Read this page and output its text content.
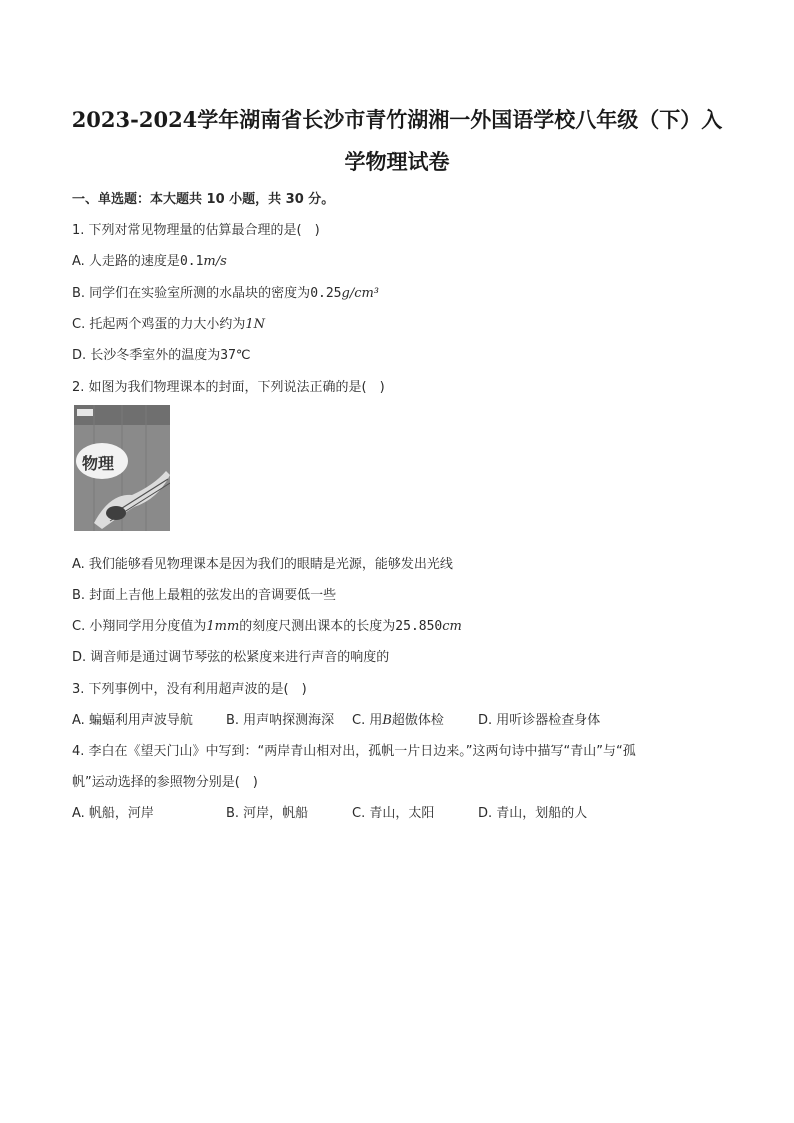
2023-2024学年湖南省长沙市青竹湖湘一外国语学校八年级（下）入
学物理试卷
一、单选题：本大题共 10 小题，共 30 分。
1. 下列对常见物理量的估算最合理的是(　)
A. 人走路的速度是0.1m/s
B. 同学们在实验室所测的水晶块的密度为0.25g/cm³
C. 托起两个鸡蛋的力大小约为1N
D. 长沙冬季室外的温度为37℃
2. 如图为我们物理课本的封面，下列说法正确的是(　)
物理
A. 我们能够看见物理课本是因为我们的眼睛是光源，能够发出光线
B. 封面上吉他上最粗的弦发出的音调要低一些
C. 小翔同学用分度值为1mm的刻度尺测出课本的长度为25.850cm
D. 调音师是通过调节琴弦的松紧度来进行声音的响度的
3. 下列事例中，没有利用超声波的是(　)
A. 蝙蝠利用声波导航	B. 用声呐探测海深 C. 用B超傲体检	D. 用听诊器检查身体
4. 李白在《望天门山》中写到：“两岸青山相对出，孤帆一片日边来。”这两句诗中描写“青山”与“孤
帆”运动选择的参照物分别是(　)
A. 帆船，河岸	B. 河岸，帆船	C. 青山，太阳	D. 青山，划船的人
